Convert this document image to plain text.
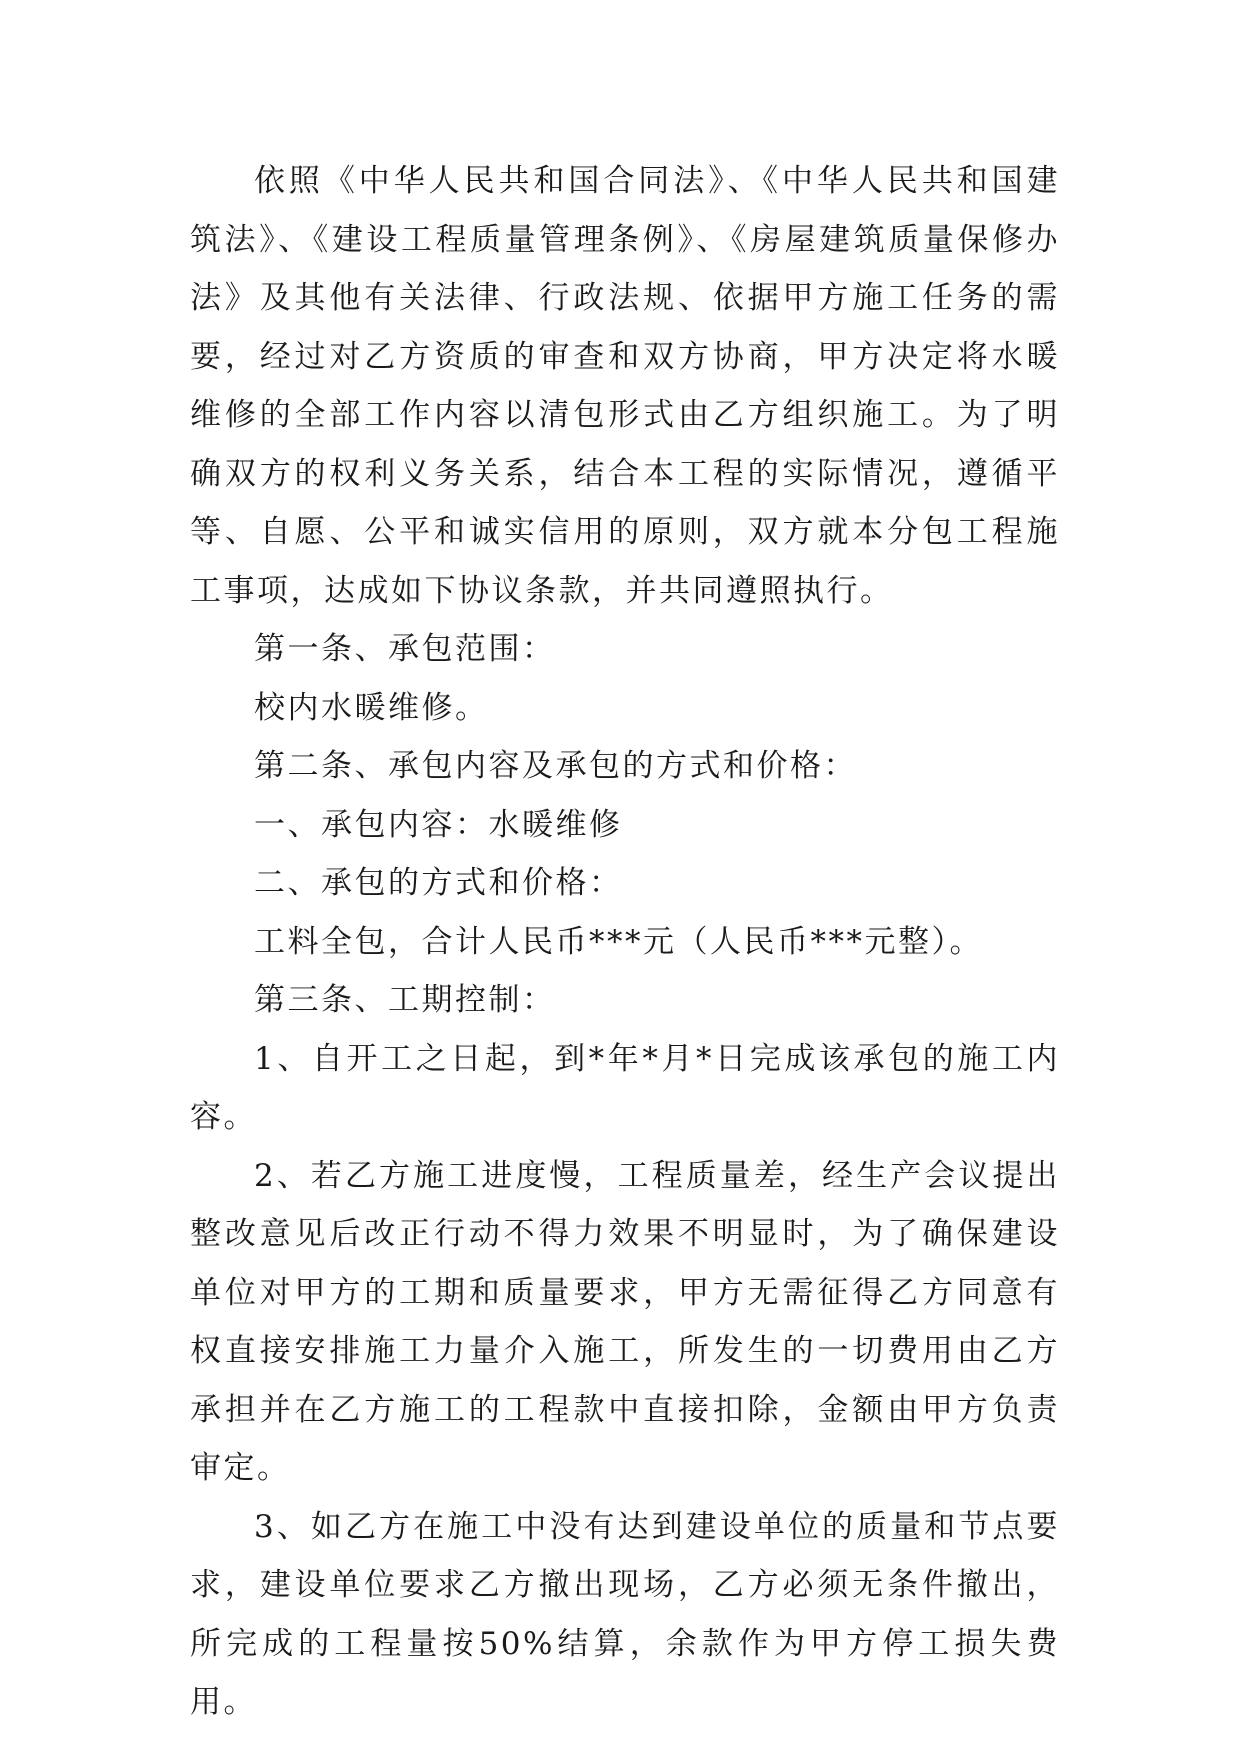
依照《中华人民共和国合同法》、《中华人民共和国建筑法》、《建设工程质量管理条例》、《房屋建筑质量保修办法》及其他有关法律、行政法规、依据甲方施工任务的需要，经过对乙方资质的审查和双方协商，甲方决定将水暖维修的全部工作内容以清包形式由乙方组织施工。为了明确双方的权利义务关系，结合本工程的实际情况，遵循平等、自愿、公平和诚实信用的原则，双方就本分包工程施工事项，达成如下协议条款，并共同遵照执行。

第一条、承包范围：

校内水暖维修。

第二条、承包内容及承包的方式和价格：

一、承包内容：水暖维修

二、承包的方式和价格：

工料全包，合计人民币***元（人民币***元整）。

第三条、工期控制：

1、自开工之日起，到*年*月*日完成该承包的施工内容。

2、若乙方施工进度慢，工程质量差，经生产会议提出整改意见后改正行动不得力效果不明显时，为了确保建设单位对甲方的工期和质量要求，甲方无需征得乙方同意有权直接安排施工力量介入施工，所发生的一切费用由乙方承担并在乙方施工的工程款中直接扣除，金额由甲方负责审定。

3、如乙方在施工中没有达到建设单位的质量和节点要求，建设单位要求乙方撤出现场，乙方必须无条件撤出，所完成的工程量按50%结算，余款作为甲方停工损失费用。
